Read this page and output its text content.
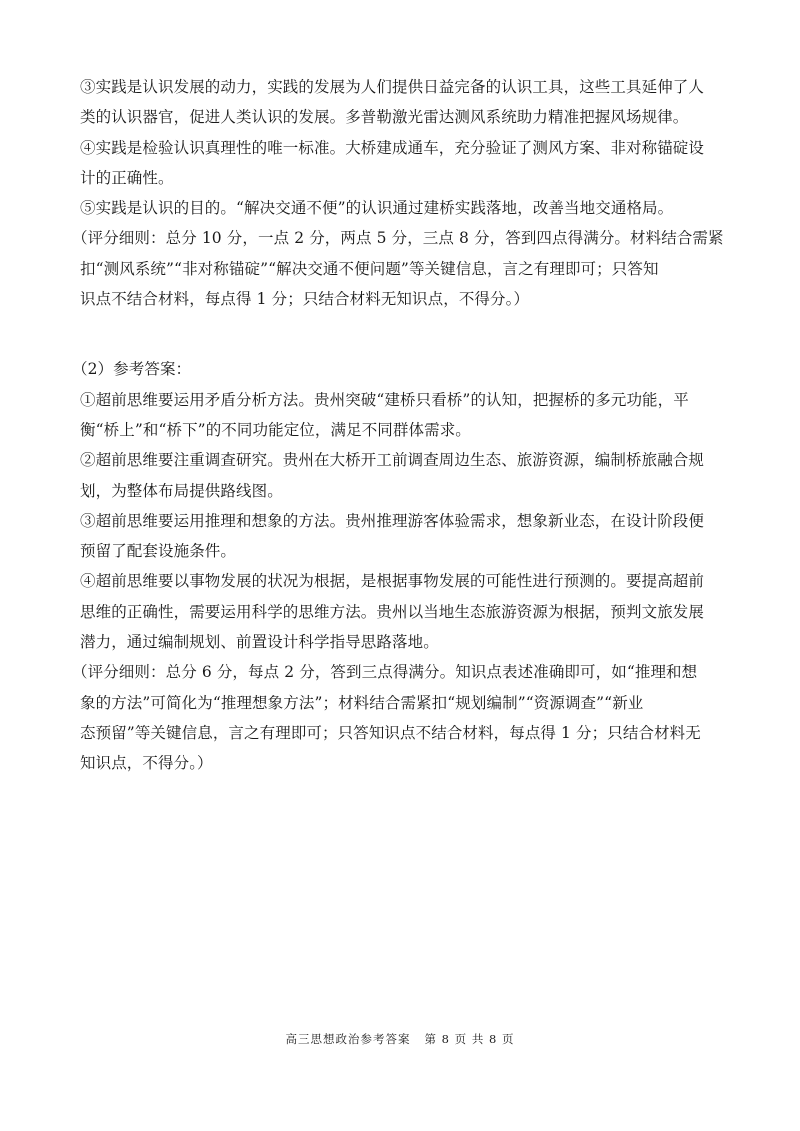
③实践是认识发展的动力，实践的发展为人们提供日益完备的认识工具，这些工具延伸了人
类的认识器官，促进人类认识的发展。多普勒激光雷达测风系统助力精准把握风场规律。
④实践是检验认识真理性的唯一标准。大桥建成通车，充分验证了测风方案、非对称锚碇设
计的正确性。
⑤实践是认识的目的。“解决交通不便”的认识通过建桥实践落地，改善当地交通格局。
（评分细则：总分 10 分，一点 2 分，两点 5 分，三点 8 分，答到四点得满分。材料结合需紧
扣“测风系统”“非对称锚碇”“解决交通不便问题”等关键信息，言之有理即可；只答知
识点不结合材料，每点得 1 分；只结合材料无知识点，不得分。）
（2）参考答案：
①超前思维要运用矛盾分析方法。贵州突破“建桥只看桥”的认知，把握桥的多元功能，平
衡“桥上”和“桥下”的不同功能定位，满足不同群体需求。
②超前思维要注重调查研究。贵州在大桥开工前调查周边生态、旅游资源，编制桥旅融合规
划，为整体布局提供路线图。
③超前思维要运用推理和想象的方法。贵州推理游客体验需求，想象新业态，在设计阶段便
预留了配套设施条件。
④超前思维要以事物发展的状况为根据，是根据事物发展的可能性进行预测的。要提高超前
思维的正确性，需要运用科学的思维方法。贵州以当地生态旅游资源为根据，预判文旅发展
潜力，通过编制规划、前置设计科学指导思路落地。
（评分细则：总分 6 分，每点 2 分，答到三点得满分。知识点表述准确即可，如“推理和想
象的方法”可简化为“推理想象方法”；材料结合需紧扣“规划编制”“资源调查”“新业
态预留”等关键信息，言之有理即可；只答知识点不结合材料，每点得 1 分；只结合材料无
知识点，不得分。）
高三思想政治参考答案 第 8 页 共 8 页
